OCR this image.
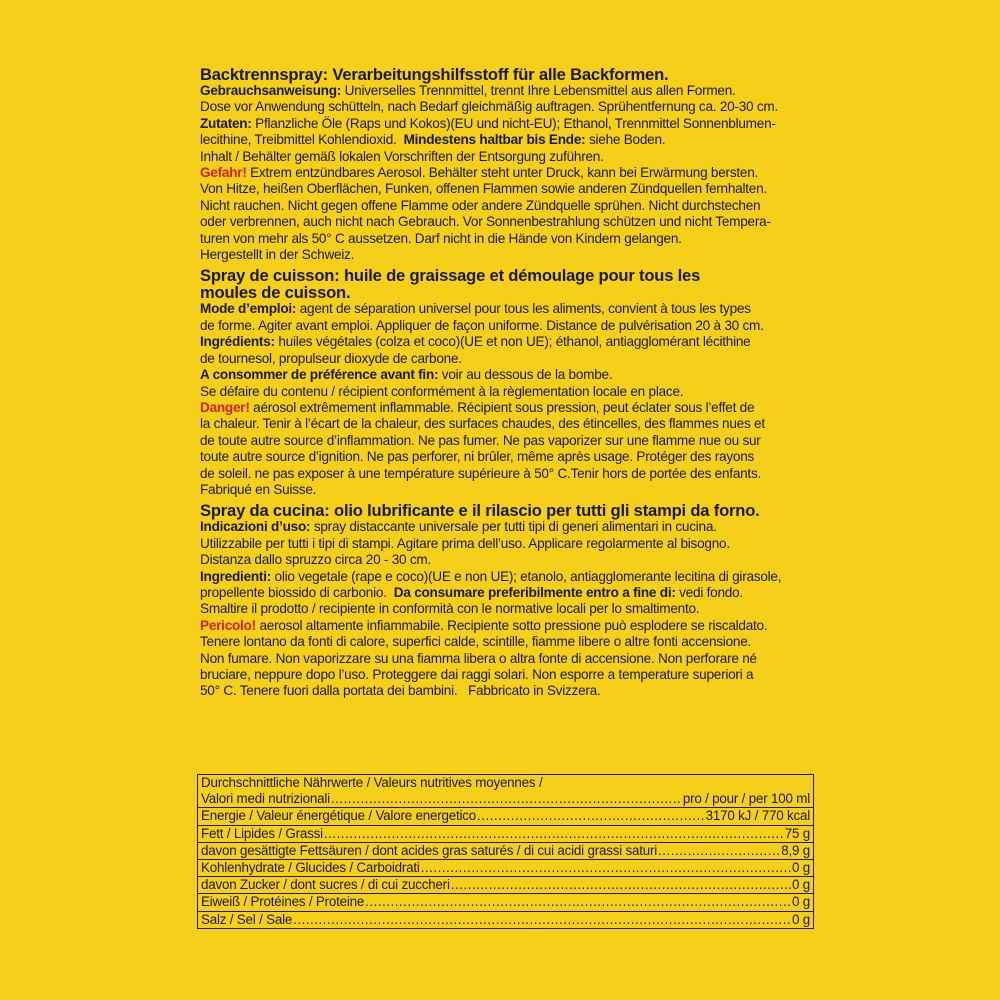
Backtrennspray: Verarbeitungshilfsstoff für alle Backformen.

Gebrauchsanweisung: Universelles Trennmittel, trennt Ihre Lebensmittel aus allen Formen.

Dose vor Anwendung schütteln, nach Bedarf gleichmäßig auftragen. Sprühentfernung ca. 20-30 cm.

Zutaten: Pflanzliche Öle (Raps und Kokos)(EU und nicht-EU); Ethanol, Trennmittel Sonnenblumen-

lecithine, Treibmittel Kohlendioxid.  Mindestens haltbar bis Ende: siehe Boden.

Inhalt / Behälter gemäß lokalen Vorschriften der Entsorgung zuführen.

Gefahr! Extrem entzündbares Aerosol. Behälter steht unter Druck, kann bei Erwärmung bersten.

Von Hitze, heißen Oberflächen, Funken, offenen Flammen sowie anderen Zündquellen fernhalten.

Nicht rauchen. Nicht gegen offene Flamme oder andere Zündquelle sprühen. Nicht durchstechen

oder verbrennen, auch nicht nach Gebrauch. Vor Sonnenbestrahlung schützen und nicht Tempera-

turen von mehr als 50° C aussetzen. Darf nicht in die Hände von Kindern gelangen.

Hergestellt in der Schweiz.

Spray de cuisson: huile de graissage et démoulage pour tous les

moules de cuisson.

Mode d’emploi: agent de séparation universel pour tous les aliments, convient à tous les types

de forme. Agiter avant emploi. Appliquer de façon uniforme. Distance de pulvérisation 20 à 30 cm.

Ingrédients: huiles végétales (colza et coco)(UE et non UE); éthanol, antiagglomérant lécithine

de tournesol, propulseur dioxyde de carbone.

A consommer de préférence avant fin: voir au dessous de la bombe.

Se défaire du contenu / récipient conformément à la règlementation locale en place.

Danger! aérosol extrêmement inflammable. Récipient sous pression, peut éclater sous l’effet de

la chaleur. Tenir à l’écart de la chaleur, des surfaces chaudes, des étincelles, des flammes nues et

de toute autre source d’inflammation. Ne pas fumer. Ne pas vaporizer sur une flamme nue ou sur

toute autre source d’ignition. Ne pas perforer, ni brûler, même après usage. Protéger des rayons

de soleil. ne pas exposer à une température supérieure à 50° C.Tenir hors de portée des enfants.

Fabriqué en Suisse.

Spray da cucina: olio lubrificante e il rilascio per tutti gli stampi da forno.

Indicazioni d’uso: spray distaccante universale per tutti tipi di generi alimentari in cucina.

Utilizzabile per tutti i tipi di stampi. Agitare prima dell’uso. Applicare regolarmente al bisogno.

Distanza dallo spruzzo circa 20 - 30 cm.

Ingredienti: olio vegetale (rape e coco)(UE e non UE); etanolo, antiagglomerante lecitina di girasole,

propellente biossido di carbonio.  Da consumare preferibilmente entro a fine di: vedi fondo.

Smaltire il prodotto / recipiente in conformità con le normative locali per lo smaltimento.

Pericolo! aerosol altamente infiammabile. Recipiente sotto pressione può esplodere se riscaldato.

Tenere lontano da fonti di calore, superfici calde, scintille, fiamme libere o altre fonti accensione.

Non fumare. Non vaporizzare su una fiamma libera o altra fonte di accensione. Non perforare né

bruciare, neppure dopo l’uso. Proteggere dai raggi solari. Non esporre a temperature superiori a

50° C. Tenere fuori dalla portata dei bambini.   Fabbricato in Svizzera.

Durchschnittliche Nährwerte / Valeurs nutritives moyennes /
Valori medi nutrizionali .....	pro / pour / per 100 ml
Energie / Valeur énergétique / Valore energetico .....	3170 kJ / 770 kcal
Fett / Lipides / Grassi .....	75 g
davon gesättigte Fettsäuren / dont acides gras saturés / di cui acidi grassi saturi .....	8,9 g
Kohlenhydrate / Glucides / Carboidrati .....	0 g
davon Zucker / dont sucres / di cui zuccheri .....	0 g
Eiweiß / Protéines / Proteine .....	0 g
Salz / Sel / Sale .....	0 g
